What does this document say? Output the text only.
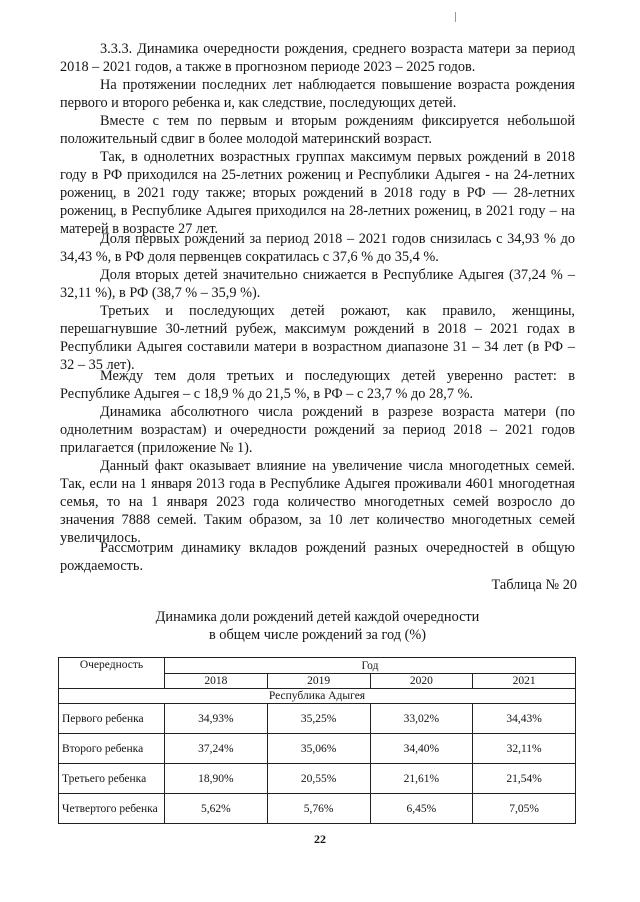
3.3.3. Динамика очередности рождения, среднего возраста матери за период 2018 – 2021 годов, а также в прогнозном периоде 2023 – 2025 годов.

На протяжении последних лет наблюдается повышение возраста рождения первого и второго ребенка и, как следствие, последующих детей.

Вместе с тем по первым и вторым рождениям фиксируется небольшой положительный сдвиг в более молодой материнский возраст.

Так, в однолетних возрастных группах максимум первых рождений в 2018 году в РФ приходился на 25-летних рожениц и Республики Адыгея - на 24-летних рожениц, в 2021 году также; вторых рождений в 2018 году в РФ — 28-летних рожениц, в Республике Адыгея приходился на 28-летних рожениц, в 2021 году – на матерей в возрасте 27 лет.

Доля первых рождений за период 2018 – 2021 годов снизилась с 34,93 % до 34,43 %, в РФ доля первенцев сократилась с 37,6 % до 35,4 %.

Доля вторых детей значительно снижается в Республике Адыгея (37,24 % – 32,11 %), в РФ (38,7 % – 35,9 %).

Третьих и последующих детей рожают, как правило, женщины, перешагнувшие 30-летний рубеж, максимум рождений в 2018 – 2021 годах в Республики Адыгея составили матери в возрастном диапазоне 31 – 34 лет (в РФ – 32 – 35 лет).

Между тем доля третьих и последующих детей уверенно растет: в Республике Адыгея – с 18,9 % до 21,5 %, в РФ – с 23,7 % до 28,7 %.

Динамика абсолютного числа рождений в разрезе возраста матери (по однолетним возрастам) и очередности рождений за период 2018 – 2021 годов прилагается (приложение № 1).

Данный факт оказывает влияние на увеличение числа многодетных семей. Так, если на 1 января 2013 года в Республике Адыгея проживали 4601 многодетная семья, то на 1 января 2023 года количество многодетных семей возросло до значения 7888 семей. Таким образом, за 10 лет количество многодетных семей увеличилось.

Рассмотрим динамику вкладов рождений разных очередностей в общую рождаемость.

Таблица № 20
Динамика доли рождений детей каждой очередности
в общем числе рождений за год (%)
Очередность	Год			
	2018	2019	2020	2021
Республика Адыгея				
Первого ребенка	34,93%	35,25%	33,02%	34,43%
Второго ребенка	37,24%	35,06%	34,40%	32,11%
Третьего ребенка	18,90%	20,55%	21,61%	21,54%
Четвертого ребенка	5,62%	5,76%	6,45%	7,05%
22
